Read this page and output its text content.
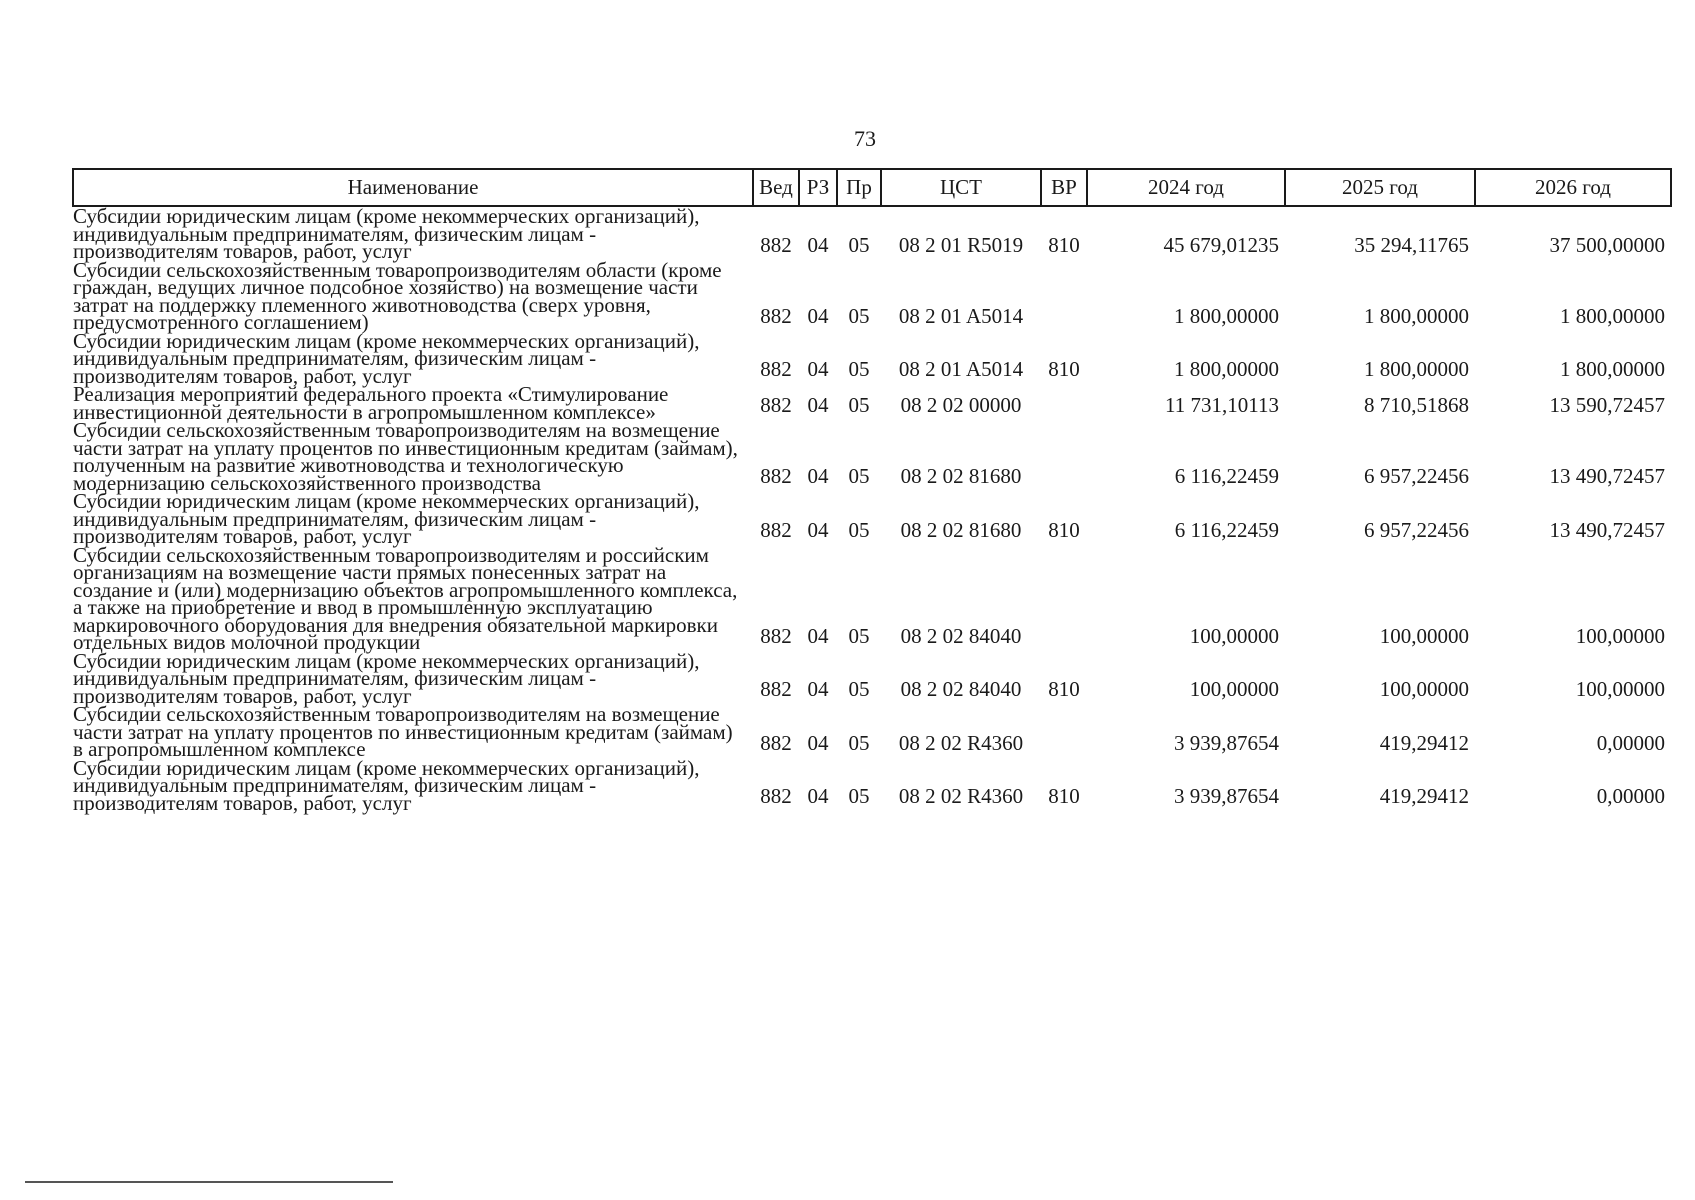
73
Наименование	Вед	РЗ	Пр	ЦСТ	ВР	2024 год	2025 год	2026 год
Субсидии юридическим лицам (кроме некоммерческих организаций), индивидуальным предпринимателям, физическим лицам - производителям товаров, работ, услуг	882	04	05	08 2 01 R5019	810	45 679,01235	35 294,11765	37 500,00000
Субсидии сельскохозяйственным товаропроизводителям области (кроме граждан, ведущих личное подсобное хозяйство) на возмещение части затрат на поддержку племенного животноводства (сверх уровня, предусмотренного соглашением)	882	04	05	08 2 01 A5014		1 800,00000	1 800,00000	1 800,00000
Субсидии юридическим лицам (кроме некоммерческих организаций), индивидуальным предпринимателям, физическим лицам - производителям товаров, работ, услуг	882	04	05	08 2 01 A5014	810	1 800,00000	1 800,00000	1 800,00000
Реализация мероприятий федерального проекта «Стимулирование инвестиционной деятельности в агропромышленном комплексе»	882	04	05	08 2 02 00000		11 731,10113	8 710,51868	13 590,72457
Субсидии сельскохозяйственным товаропроизводителям на возмещение части затрат на уплату процентов по инвестиционным кредитам (займам), полученным на развитие животноводства и технологическую модернизацию сельскохозяйственного производства	882	04	05	08 2 02 81680		6 116,22459	6 957,22456	13 490,72457
Субсидии юридическим лицам (кроме некоммерческих организаций), индивидуальным предпринимателям, физическим лицам - производителям товаров, работ, услуг	882	04	05	08 2 02 81680	810	6 116,22459	6 957,22456	13 490,72457
Субсидии сельскохозяйственным товаропроизводителям и российским организациям на возмещение части прямых понесенных затрат на создание и (или) модернизацию объектов агропромышленного комплекса, а также на приобретение и ввод в промышленную эксплуатацию маркировочного оборудования для внедрения обязательной маркировки отдельных видов молочной продукции	882	04	05	08 2 02 84040		100,00000	100,00000	100,00000
Субсидии юридическим лицам (кроме некоммерческих организаций), индивидуальным предпринимателям, физическим лицам - производителям товаров, работ, услуг	882	04	05	08 2 02 84040	810	100,00000	100,00000	100,00000
Субсидии сельскохозяйственным товаропроизводителям на возмещение части затрат на уплату процентов по инвестиционным кредитам (займам) в агропромышленном комплексе	882	04	05	08 2 02 R4360		3 939,87654	419,29412	0,00000
Субсидии юридическим лицам (кроме некоммерческих организаций), индивидуальным предпринимателям, физическим лицам - производителям товаров, работ, услуг	882	04	05	08 2 02 R4360	810	3 939,87654	419,29412	0,00000
